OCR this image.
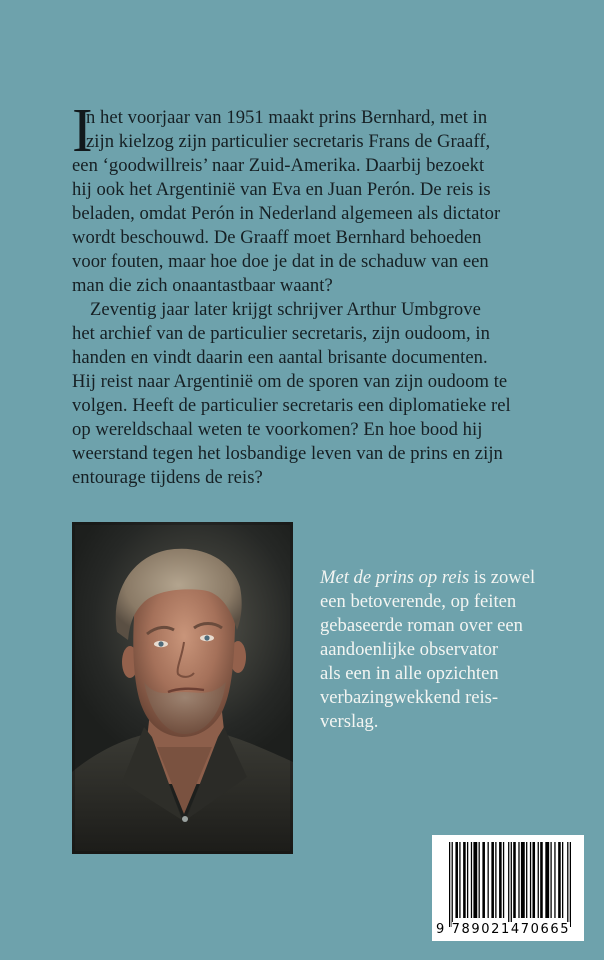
I
n het voorjaar van 1951 maakt prins Bernhard, met in
zijn kielzog zijn particulier secretaris Frans de Graaff,
een ‘goodwillreis’ naar Zuid-Amerika. Daarbij bezoekt
hij ook het Argentinië van Eva en Juan Perón. De reis is
beladen, omdat Perón in Nederland algemeen als dictator
wordt beschouwd. De Graaff moet Bernhard behoeden
voor fouten, maar hoe doe je dat in de schaduw van een
man die zich onaantastbaar waant?
Zeventig jaar later krijgt schrijver Arthur Umbgrove
het archief van de particulier secretaris, zijn oudoom, in
handen en vindt daarin een aantal brisante documenten.
Hij reist naar Argentinië om de sporen van zijn oudoom te
volgen. Heeft de particulier secretaris een diplomatieke rel
op wereldschaal weten te voorkomen? En hoe bood hij
weerstand tegen het losbandige leven van de prins en zijn
entourage tijdens de reis?
Met de prins op reis is zowel
een betoverende, op feiten
gebaseerde roman over een
aandoenlijke observator
als een in alle opzichten
verbazingwekkend reis-
verslag.
9 789021470665
